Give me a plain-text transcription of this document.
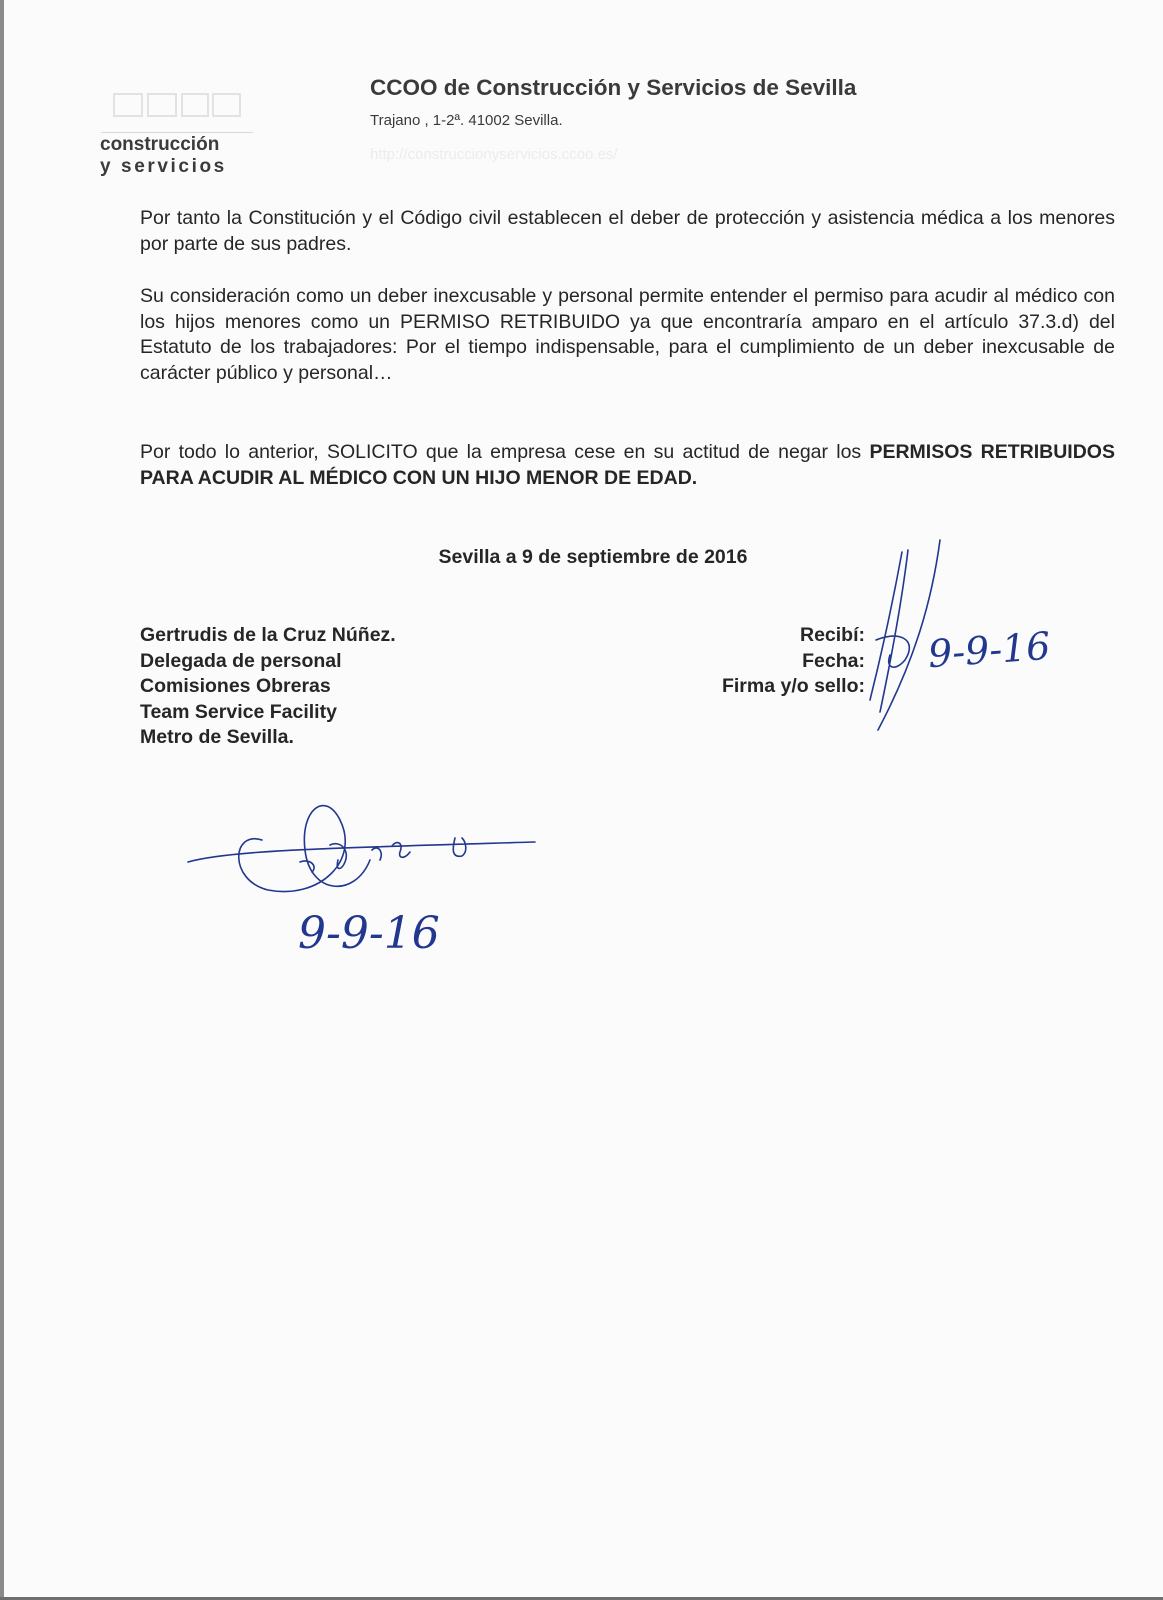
construcción
y servicios
CCOO de Construcción y Servicios de Sevilla
Trajano , 1-2ª. 41002 Sevilla.
http://construccionyservicios.ccoo.es/
Por tanto la Constitución y el Código civil establecen el deber de protección y asistencia médica a los menores por parte de sus padres.
Su consideración como un deber inexcusable y personal permite entender el permiso para acudir al médico con los hijos menores como un PERMISO RETRIBUIDO ya que encontraría amparo en el artículo 37.3.d) del Estatuto de los trabajadores: Por el tiempo indispensable, para el cumplimiento de un deber inexcusable de carácter público y personal…
Por todo lo anterior, SOLICITO que la empresa cese en su actitud de negar los PERMISOS RETRIBUIDOS PARA ACUDIR AL MÉDICO CON UN HIJO MENOR DE EDAD.
Sevilla a 9 de septiembre de 2016
Gertrudis de la Cruz Núñez.
Delegada de personal
Comisiones Obreras
Team Service Facility
Metro de Sevilla.
Recibí:
Fecha:
Firma y/o sello:
9-9-16
9-9-16
